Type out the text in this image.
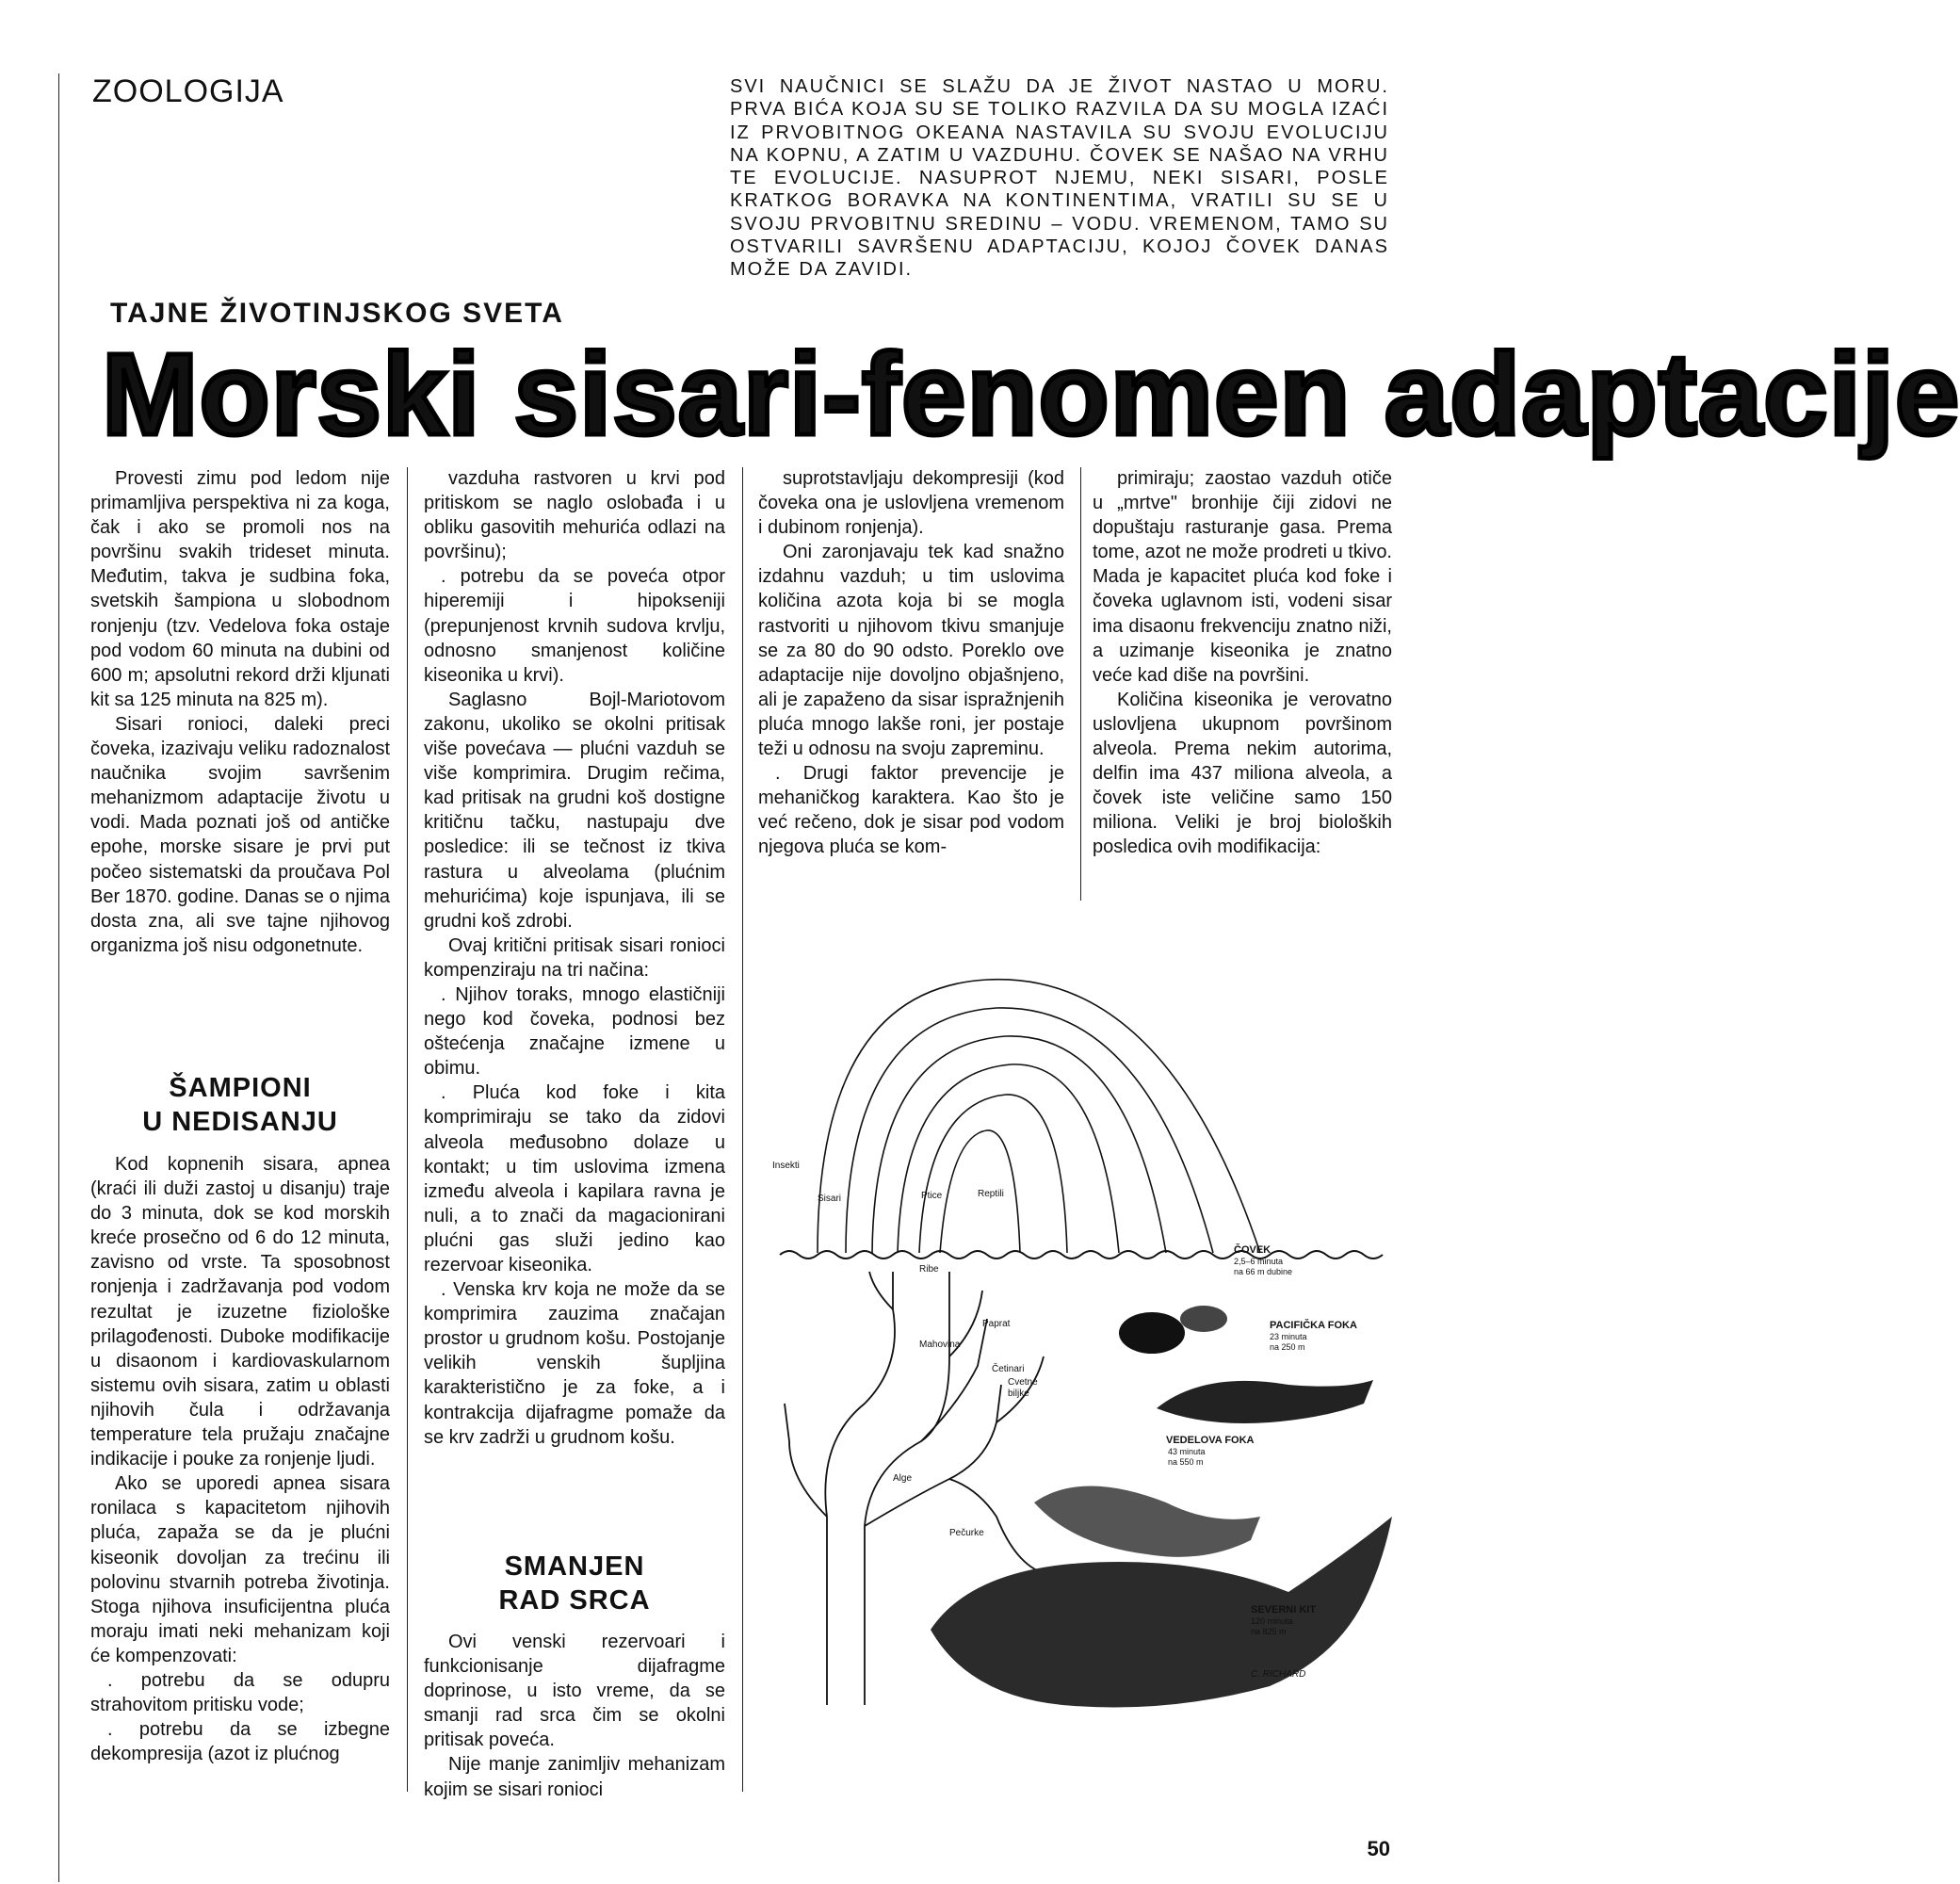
ZOOLOGIJA	SVI NAUČNICI SE SLAŽU DA JE ŽIVOT NASTAO U MORU. PRVA BIĆA KOJA SU SE TOLIKO RAZVILA DA SU MOGLA IZAĆI IZ PRVOBITNOG OKEANA NASTAVILA SU SVOJU EVOLUCIJU NA KOPNU, A ZATIM U VAZDUHU. ČOVEK SE NAŠAO NA VRHU TE EVOLUCIJE. NASUPROT NJEMU, NEKI SISARI, POSLE KRATKOG BORAVKA NA KONTINENTIMA, VRATILI SU SE U SVOJU PRVOBITNU SREDINU – VODU. VREMENOM, TAMO SU OSTVARILI SAVRŠENU ADAPTACIJU, KOJOJ ČOVEK DANAS MOŽE DA ZAVIDI.
TAJNE ŽIVOTINJSKOG SVETA
Morski sisari-fenomen adaptacije

Provesti zimu pod ledom nije primamljiva perspektiva ni za koga, čak i ako se promoli nos na površinu svakih trideset minuta. Međutim, takva je sudbina foka, svetskih šampiona u slobodnom ronjenju (tzv. Vedelova foka ostaje pod vodom 60 minuta na dubini od 600 m; apsolutni rekord drži kljunati kit sa 125 minuta na 825 m).

Sisari ronioci, daleki preci čoveka, izazivaju veliku radoznalost naučnika svojim savršenim mehanizmom adaptacije životu u vodi. Mada poznati još od antičke epohe, morske sisare je prvi put počeo sistematski da proučava Pol Ber 1870. godine. Danas se o njima dosta zna, ali sve tajne njihovog organizma još nisu odgonetnute.

ŠAMPIONI
U NEDISANJU

Kod kopnenih sisara, apnea (kraći ili duži zastoj u disanju) traje do 3 minuta, dok se kod morskih kreće prosečno od 6 do 12 minuta, zavisno od vrste. Ta sposobnost ronjenja i zadržavanja pod vodom rezultat je izuzetne fiziološke prilagođenosti. Duboke modifikacije u disaonom i kardiovaskularnom sistemu ovih sisara, zatim u oblasti njihovih čula i održavanja temperature tela pružaju značajne indikacije i pouke za ronjenje ljudi.

Ako se uporedi apnea sisara ronilaca s kapacitetom njihovih pluća, zapaža se da je plućni kiseonik dovoljan za trećinu ili polovinu stvarnih potreba životinja. Stoga njihova insuficijentna pluća moraju imati neki mehanizam koji će kompenzovati:

. potrebu da se odupru strahovitom pritisku vode;

. potrebu da se izbegne dekompresija (azot iz plućnog

vazduha rastvoren u krvi pod pritiskom se naglo oslobađa i u obliku gasovitih mehurića odlazi na površinu);

. potrebu da se poveća otpor hiperemiji i hipokseniji (prepunjenost krvnih sudova krvlju, odnosno smanjenost količine kiseonika u krvi).

Saglasno Bojl-Mariotovom zakonu, ukoliko se okolni pritisak više povećava — plućni vazduh se više komprimira. Drugim rečima, kad pritisak na grudni koš dostigne kritičnu tačku, nastupaju dve posledice: ili se tečnost iz tkiva rastura u alveolama (plućnim mehurićima) koje ispunjava, ili se grudni koš zdrobi.

Ovaj kritični pritisak sisari ronioci kompenziraju na tri načina:

. Njihov toraks, mnogo elastičniji nego kod čoveka, podnosi bez oštećenja značajne izmene u obimu.

. Pluća kod foke i kita komprimiraju se tako da zidovi alveola međusobno dolaze u kontakt; u tim uslovima izmena između alveola i kapilara ravna je nuli, a to znači da magacionirani plućni gas služi jedino kao rezervoar kiseonika.

. Venska krv koja ne može da se komprimira zauzima značajan prostor u grudnom košu. Postojanje velikih venskih šupljina karakteristično je za foke, a i kontrakcija dijafragme pomaže da se krv zadrži u grudnom košu.

SMANJEN
RAD SRCA

Ovi venski rezervoari i funkcionisanje dijafragme doprinose, u isto vreme, da se smanji rad srca čim se okolni pritisak poveća.

Nije manje zanimljiv mehanizam kojim se sisari ronioci

suprotstavljaju dekompresiji (kod čoveka ona je uslovljena vremenom i dubinom ronjenja).

Oni zaronjavaju tek kad snažno izdahnu vazduh; u tim uslovima količina azota koja bi se mogla rastvoriti u njihovom tkivu smanjuje se za 80 do 90 odsto. Poreklo ove adaptacije nije dovoljno objašnjeno, ali je zapaženo da sisar ispražnjenih pluća mnogo lakše roni, jer postaje teži u odnosu na svoju zapreminu.

. Drugi faktor prevencije je mehaničkog karaktera. Kao što je već rečeno, dok je sisar pod vodom njegova pluća se kom-

primiraju; zaostao vazduh otiče u „mrtve" bronhije čiji zidovi ne dopuštaju rasturanje gasa. Prema tome, azot ne može prodreti u tkivo. Mada je kapacitet pluća kod foke i čoveka uglavnom isti, vodeni sisar ima disaonu frekvenciju znatno niži, a uzimanje kiseonika je znatno veće kad diše na površini.

Količina kiseonika je verovatno uslovljena ukupnom površinom alveola. Prema nekim autorima, delfin ima 437 miliona alveola, a čovek iste veličine samo 150 miliona. Veliki je broj bioloških posledica ovih modifikacija:

Insekti
Sisari	Ptice	Reptili
Ribe
Paprat
Mahovina
Četinari
Cvetne
biljke
Alge
Pečurke
ČOVEK
2,5–6 minuta
na 66 m dubine
PACIFIČKA FOKA
23 minuta
na 250 m
VEDELOVA FOKA
43 minuta
na 550 m
SEVERNI KIT
120 minuta
na 825 m
C. RICHARD
50
